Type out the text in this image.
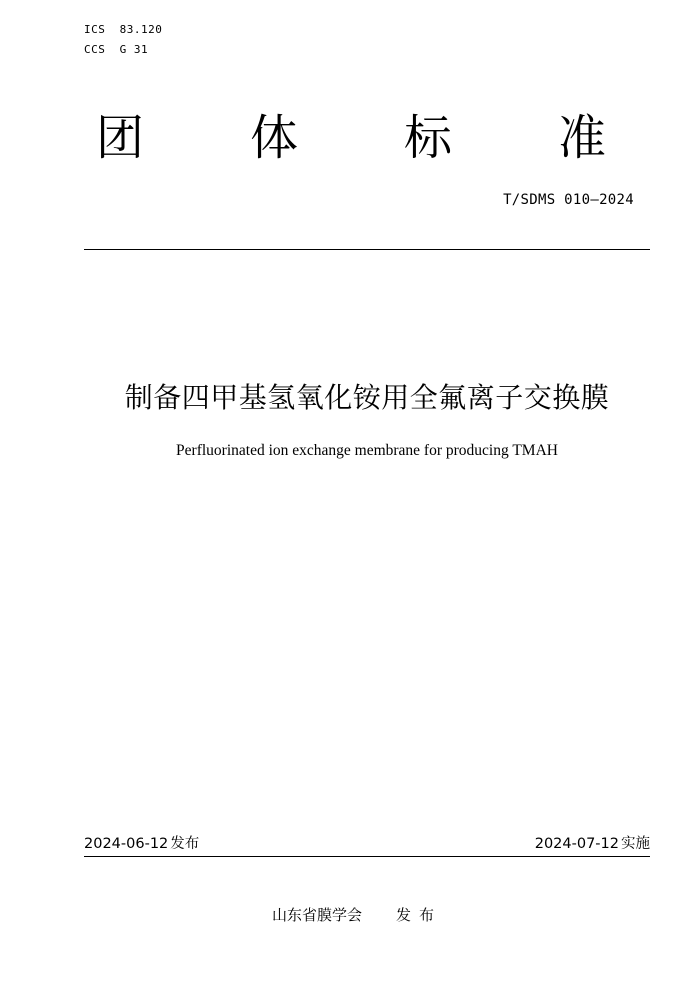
ICS  83.120
CCS  G 31
团 体 标 准
T/SDMS 010—2024
制备四甲基氢氧化铵用全氟离子交换膜
Perfluorinated ion exchange membrane for producing TMAH
2024-06-12 发布	2024-07-12 实施
山东省膜学会 发布
